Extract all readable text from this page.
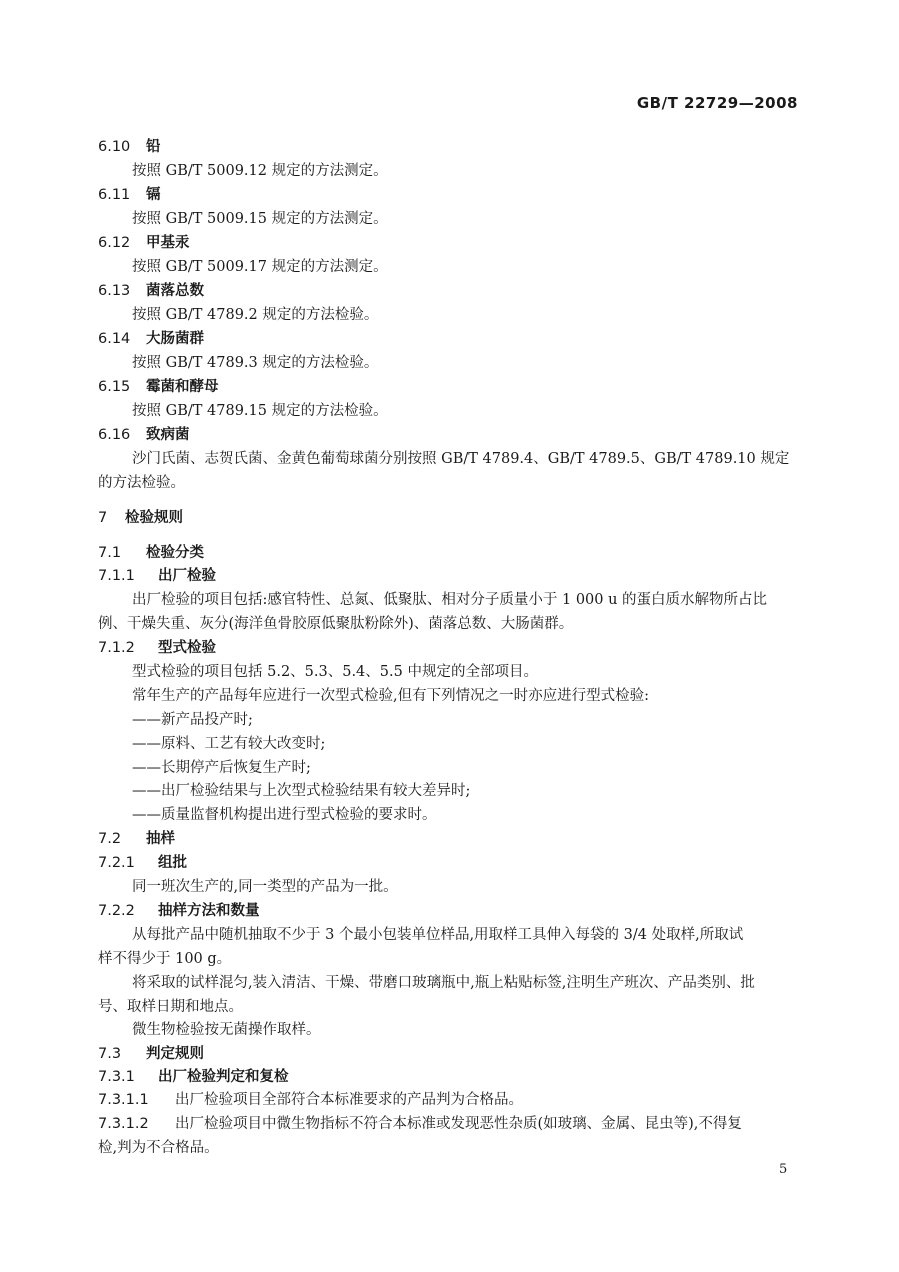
GB/T 22729—2008
6.10 铅
按照 GB/T 5009.12 规定的方法测定。
6.11 镉
按照 GB/T 5009.15 规定的方法测定。
6.12 甲基汞
按照 GB/T 5009.17 规定的方法测定。
6.13 菌落总数
按照 GB/T 4789.2 规定的方法检验。
6.14 大肠菌群
按照 GB/T 4789.3 规定的方法检验。
6.15 霉菌和酵母
按照 GB/T 4789.15 规定的方法检验。
6.16 致病菌
沙门氏菌、志贺氏菌、金黄色葡萄球菌分别按照 GB/T 4789.4、GB/T 4789.5、GB/T 4789.10 规定
的方法检验。
7 检验规则
7.1 检验分类
7.1.1 出厂检验
出厂检验的项目包括:感官特性、总氮、低聚肽、相对分子质量小于 1 000 u 的蛋白质水解物所占比
例、干燥失重、灰分(海洋鱼骨胶原低聚肽粉除外)、菌落总数、大肠菌群。
7.1.2 型式检验
型式检验的项目包括 5.2、5.3、5.4、5.5 中规定的全部项目。
常年生产的产品每年应进行一次型式检验,但有下列情况之一时亦应进行型式检验:
——新产品投产时;
——原料、工艺有较大改变时;
——长期停产后恢复生产时;
——出厂检验结果与上次型式检验结果有较大差异时;
——质量监督机构提出进行型式检验的要求时。
7.2 抽样
7.2.1 组批
同一班次生产的,同一类型的产品为一批。
7.2.2 抽样方法和数量
从每批产品中随机抽取不少于 3 个最小包装单位样品,用取样工具伸入每袋的 3/4 处取样,所取试
样不得少于 100 g。
将采取的试样混匀,装入清洁、干燥、带磨口玻璃瓶中,瓶上粘贴标签,注明生产班次、产品类别、批
号、取样日期和地点。
微生物检验按无菌操作取样。
7.3 判定规则
7.3.1 出厂检验判定和复检
7.3.1.1 出厂检验项目全部符合本标准要求的产品判为合格品。
7.3.1.2 出厂检验项目中微生物指标不符合本标准或发现恶性杂质(如玻璃、金属、昆虫等),不得复
检,判为不合格品。
5
